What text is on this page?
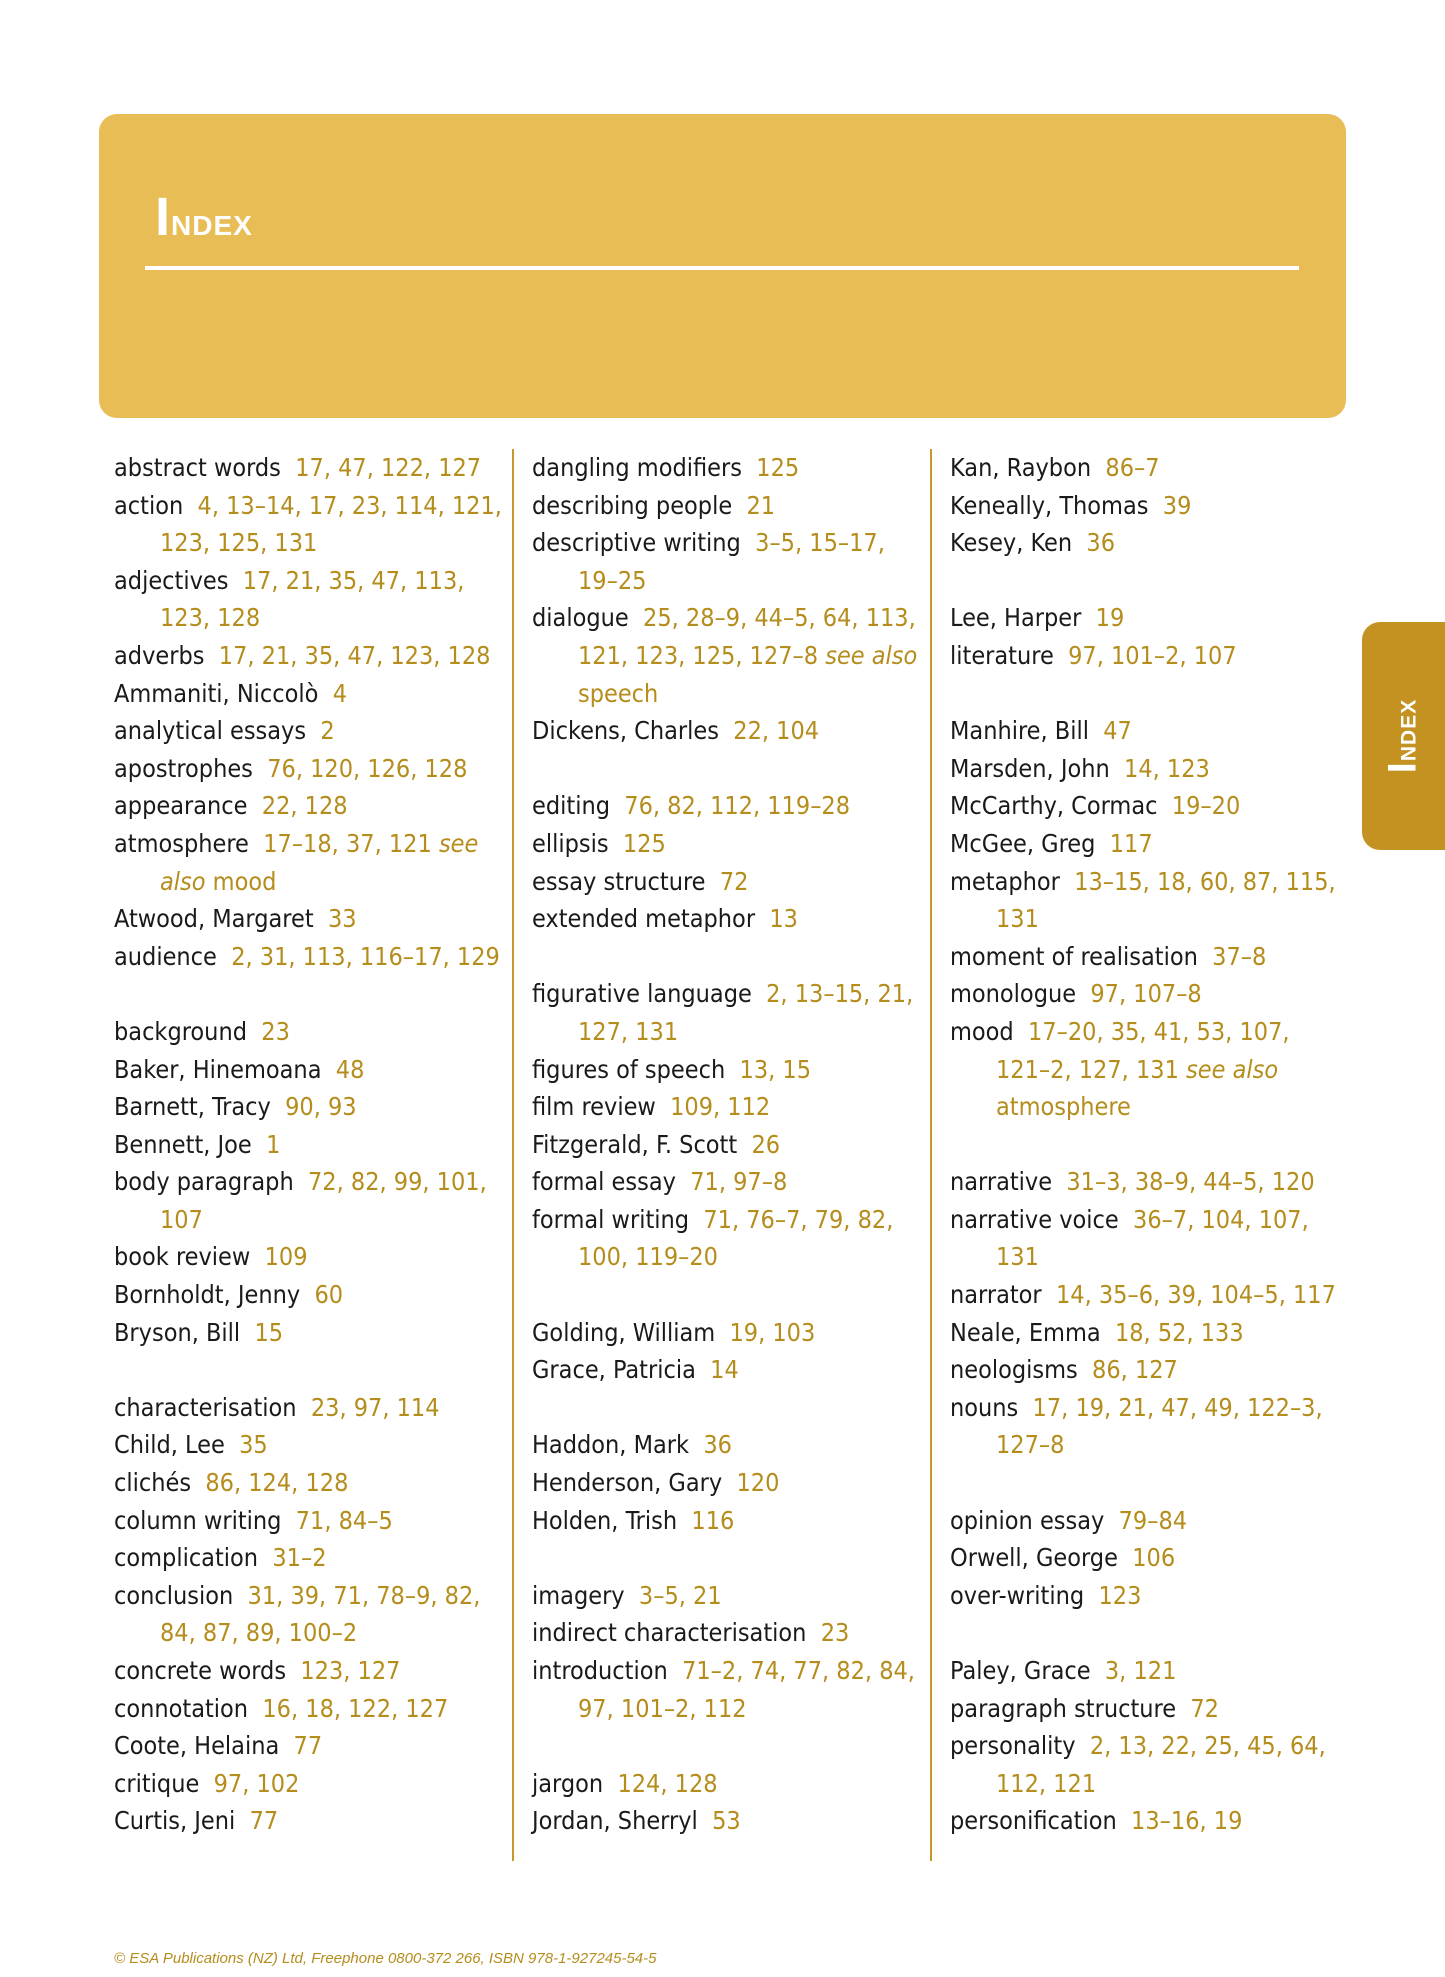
Index
Index
abstract words 17, 47, 122, 127
action 4, 13–14, 17, 23, 114, 121, 123, 125, 131
adjectives 17, 21, 35, 47, 113, 123, 128
adverbs 17, 21, 35, 47, 123, 128
Ammaniti, Niccolò 4
analytical essays 2
apostrophes 76, 120, 126, 128
appearance 22, 128
atmosphere 17–18, 37, 121 see also mood
Atwood, Margaret 33
audience 2, 31, 113, 116–17, 129
background 23
Baker, Hinemoana 48
Barnett, Tracy 90, 93
Bennett, Joe 1
body paragraph 72, 82, 99, 101, 107
book review 109
Bornholdt, Jenny 60
Bryson, Bill 15
characterisation 23, 97, 114
Child, Lee 35
clichés 86, 124, 128
column writing 71, 84–5
complication 31–2
conclusion 31, 39, 71, 78–9, 82, 84, 87, 89, 100–2
concrete words 123, 127
connotation 16, 18, 122, 127
Coote, Helaina 77
critique 97, 102
Curtis, Jeni 77
dangling modifiers 125
describing people 21
descriptive writing 3–5, 15–17, 19–25
dialogue 25, 28–9, 44–5, 64, 113, 121, 123, 125, 127–8 see also speech
Dickens, Charles 22, 104
editing 76, 82, 112, 119–28
ellipsis 125
essay structure 72
extended metaphor 13
figurative language 2, 13–15, 21, 127, 131
figures of speech 13, 15
film review 109, 112
Fitzgerald, F. Scott 26
formal essay 71, 97–8
formal writing 71, 76–7, 79, 82, 100, 119–20
Golding, William 19, 103
Grace, Patricia 14
Haddon, Mark 36
Henderson, Gary 120
Holden, Trish 116
imagery 3–5, 21
indirect characterisation 23
introduction 71–2, 74, 77, 82, 84, 97, 101–2, 112
jargon 124, 128
Jordan, Sherryl 53
Kan, Raybon 86–7
Keneally, Thomas 39
Kesey, Ken 36
Lee, Harper 19
literature 97, 101–2, 107
Manhire, Bill 47
Marsden, John 14, 123
McCarthy, Cormac 19–20
McGee, Greg 117
metaphor 13–15, 18, 60, 87, 115, 131
moment of realisation 37–8
monologue 97, 107–8
mood 17–20, 35, 41, 53, 107, 121–2, 127, 131 see also atmosphere
narrative 31–3, 38–9, 44–5, 120
narrative voice 36–7, 104, 107, 131
narrator 14, 35–6, 39, 104–5, 117
Neale, Emma 18, 52, 133
neologisms 86, 127
nouns 17, 19, 21, 47, 49, 122–3, 127–8
opinion essay 79–84
Orwell, George 106
over-writing 123
Paley, Grace 3, 121
paragraph structure 72
personality 2, 13, 22, 25, 45, 64, 112, 121
personification 13–16, 19
© ESA Publications (NZ) Ltd, Freephone 0800-372 266, ISBN 978-1-927245-54-5
